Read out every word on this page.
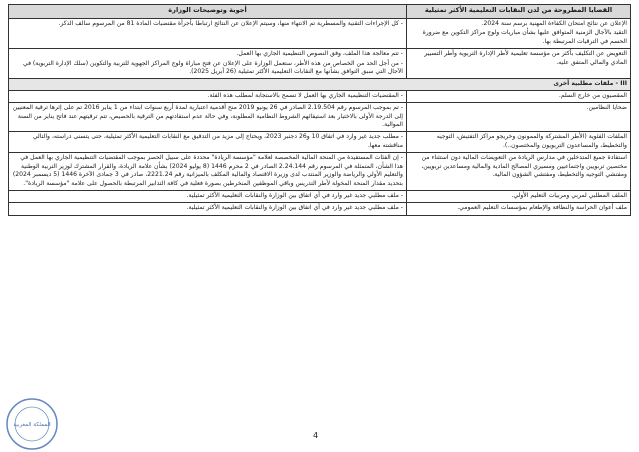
القضايا المطروحة من لدن النقابات التعليمية الأكثر تمثيلية	أجوبة وتوضيحات الوزارة

الإعلان عن نتائج امتحان الكفاءة المهنية برسم سنة 2024.
التقيد بالآجال الزمنية المتوافق عليها بشأن مباريات ولوج مراكز التكوين مع ضرورة الحسم في الترقيات المرتبطة بها.	- كل الإجراءات التقنية والمسطرية تم الانتهاء منها، وسيتم الإعلان عن النتائج ارتباطا بأجرأة مقتضيات المادة 81 من المرسوم سالف الذكر.

التعويض عن التكليف بأكثر من مؤسسة تعليمية لأطر الإدارة التربوية وأطر التسيير المادي والمالي المتفق عليه.	- تتم معالجة هذا الملف، وفق النصوص التنظيمية الجاري بها العمل.
- من أجل الحد من الخصاص من هذه الأطر، ستعمل الوزارة على الإعلان عن فتح مباراة ولوج المراكز الجهوية للتربية والتكوين (سلك الإدارة التربوية) في الآجال التي سبق التوافق بشأنها مع النقابات التعليمية الأكثر تمثيلية (26 أبريل 2025).

III - ملفات مطلبية أخرى	

المقصيون من خارج السلم.	- المقتضيات التنظيمية الجاري بها العمل لا تسمح بالاستجابة لمطلب هذه الفئة.

ضحايا النظامين.	- تم بموجب المرسوم رقم 2.19.504 الصادر في 26 يونيو 2019 منح أقدمية اعتبارية لمدة أربع سنوات ابتداء من 1 يناير 2016 تم على إثرها ترقية المعنيين إلى الدرجة الأولى بالاختيار بعد استيفائهم الشروط النظامية المطلوبة، وفي حالة عدم استفادتهم من الترقية بالحصيص، تتم ترقيتهم عند فاتح يناير من السنة الموالية.

الملفات الفئوية (الأطر المشتركة والممونون وخريجو مراكز التفتيش، التوجيه والتخطيط، والمساعدون التربويون والمختصون..).	- مطلب جديد غير وارد في اتفاق 10 و26 دجنبر 2023، ويحتاج إلى مزيد من التدقيق مع النقابات التعليمية الأكثر تمثيلية، حتى يتسنى دراسته، والتالي مناقشته معها.

استفادة جميع المتدخلين في مدارس الريادة من التعويضات المالية دون استثناء من مختصين تربويين واجتماعيين ومسيري المصالح المادية والمالية ومساعدين تربويين، ومفتشي التوجيه والتخطيط، ومفتشي الشؤون المالية.	- إن الفئات المستفيدة من المنحة المالية المخصصة لعلامة "مؤسسة الريادة" محددة على سبيل الحصر بموجب المقتضيات التنظيمية الجاري بها العمل في هذا الشأن، المتمثلة في المرسوم رقم 2.24.144 الصادر في 2 محرم 1446 (8 يوليو 2024) بشأن علامة الريادة، والقرار المشترك لوزير التربية الوطنية والتعليم الأولي والرياضة والوزير المنتدب لدى وزيرة الاقتصاد والمالية المكلف بالميزانية رقم 2221.24، صادر في 3 جمادى الآخرة 1446 (5 ديسمبر 2024) بتحديد مقدار المنحة المخولة لأطر التدريس وباقي الموظفين المنخرطين بصورة فعلية في كافة التدابير المرتبطة بالحصول على علامة "مؤسسة الريادة".

الملف المطلبي لمربي ومربيات التعليم الأولي.	- ملف مطلبي جديد غير وارد في أي اتفاق بين الوزارة والنقابات التعليمية الأكثر تمثيلية.

ملف أعوان الحراسة والنظافة والإطعام بمؤسسات التعليم العمومي.	- ملف مطلبي جديد غير وارد في أي اتفاق بين الوزارة والنقابات التعليمية الأكثر تمثيلية.
4
المملكة المغربية
